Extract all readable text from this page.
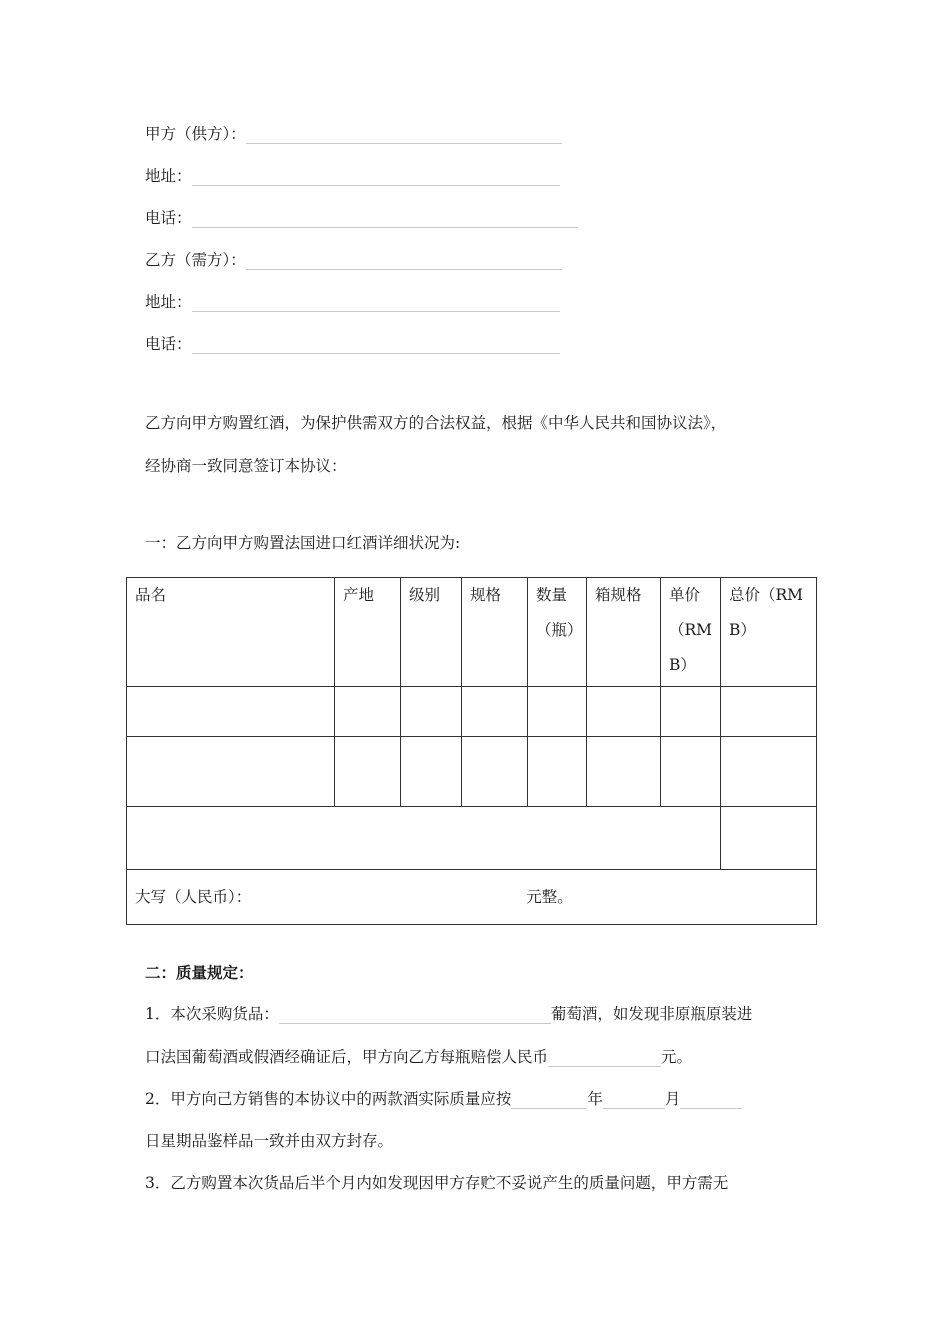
甲方（供方）：
地址：
电话：
乙方（需方）：
地址：
电话：
乙方向甲方购置红酒，为保护供需双方的合法权益，根据《中华人民共和国协议法》，
经协商一致同意签订本协议：
一：乙方向甲方购置法国进口红酒详细状况为:
品名	产地	级别	规格	数量（瓶）	箱规格	单价（RMB）	总价（RMB）

大写（人民币）： 元整。							
二：质量规定：
1．本次采购货品：	葡萄酒，如发现非原瓶原装进
口法国葡萄酒或假酒经确证后，甲方向乙方每瓶赔偿人民币	元。
2．甲方向己方销售的本协议中的两款酒实际质量应按	年	月
日星期品鉴样品一致并由双方封存。
3．乙方购置本次货品后半个月内如发现因甲方存贮不妥说产生的质量问题，甲方需无
